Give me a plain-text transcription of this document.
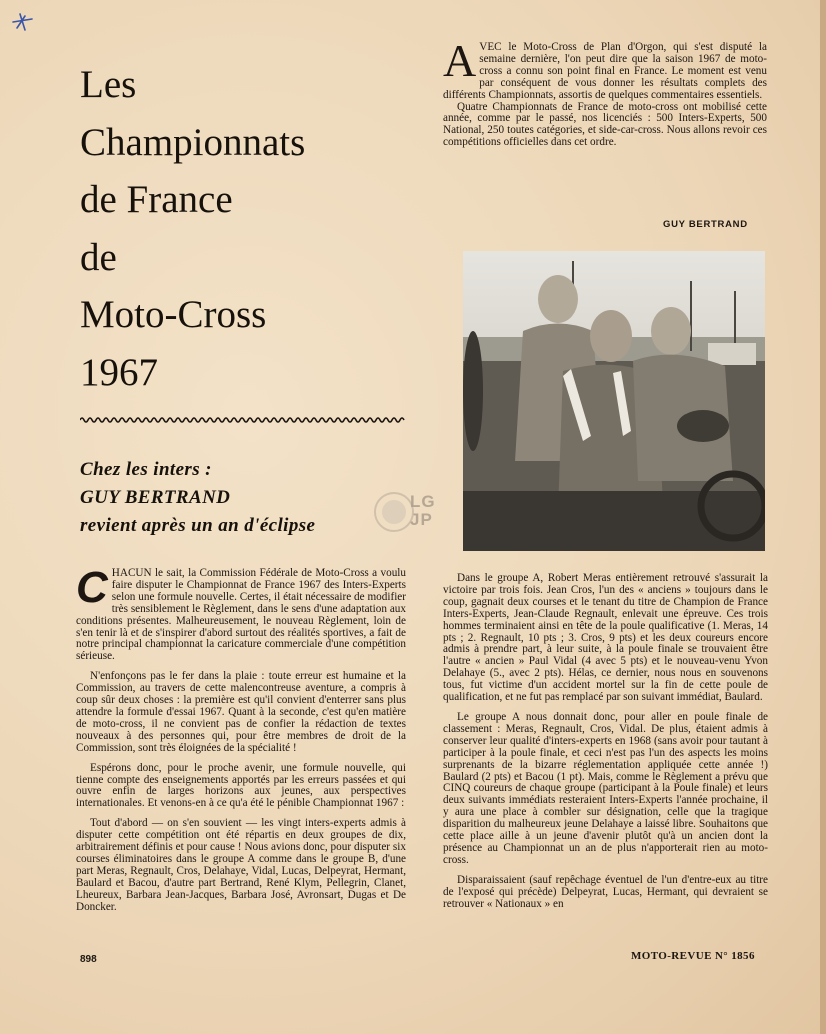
Les
Championnats
de France
de
Moto-Cross
1967
Chez les inters :
GUY BERTRAND
revient après un an d'éclipse
LG JP

AVEC le Moto-Cross de Plan d'Orgon, qui s'est disputé la semaine dernière, l'on peut dire que la saison 1967 de moto-cross a connu son point final en France. Le moment est venu par conséquent de vous donner les résultats complets des différents Championnats, assortis de quelques commentaires essentiels.

Quatre Championnats de France de moto-cross ont mobilisé cette année, comme par le passé, nos licenciés : 500 Inters-Experts, 500 National, 250 toutes catégories, et side-car-cross. Nous allons revoir ces compétitions officielles dans cet ordre.

GUY BERTRAND

CHACUN le sait, la Commission Fédérale de Moto-Cross a voulu faire disputer le Championnat de France 1967 des Inters-Experts selon une formule nouvelle. Certes, il était nécessaire de modifier très sensiblement le Règlement, dans le sens d'une adaptation aux conditions présentes. Malheureusement, le nouveau Règlement, loin de s'en tenir là et de s'inspirer d'abord surtout des réalités sportives, a fait de notre principal championnat la caricature commerciale d'une compétition sérieuse.

N'enfonçons pas le fer dans la plaie : toute erreur est humaine et la Commission, au travers de cette malencontreuse aventure, a compris à coup sûr deux choses : la première est qu'il convient d'enterrer sans plus attendre la formule d'essai 1967. Quant à la seconde, c'est qu'en matière de moto-cross, il ne convient pas de confier la rédaction de textes nouveaux à des personnes qui, pour être membres de droit de la Commission, sont très éloignées de la spécialité !

Espérons donc, pour le proche avenir, une formule nouvelle, qui tienne compte des enseignements apportés par les erreurs passées et qui ouvre enfin de larges horizons aux jeunes, aux perspectives internationales. Et venons-en à ce qu'a été le pénible Championnat 1967 :

Tout d'abord — on s'en souvient — les vingt inters-experts admis à disputer cette compétition ont été répartis en deux groupes de dix, arbitrairement définis et pour cause ! Nous avions donc, pour disputer six courses éliminatoires dans le groupe A comme dans le groupe B, d'une part Meras, Regnault, Cros, Delahaye, Vidal, Lucas, Delpeyrat, Hermant, Baulard et Bacou, d'autre part Bertrand, René Klym, Pellegrin, Clanet, Lheureux, Barbara Jean-Jacques, Barbara José, Avronsart, Dugas et De Doncker.

Dans le groupe A, Robert Meras entièrement retrouvé s'assurait la victoire par trois fois. Jean Cros, l'un des « anciens » toujours dans le coup, gagnait deux courses et le tenant du titre de Champion de France Inters-Experts, Jean-Claude Regnault, enlevait une épreuve. Ces trois hommes terminaient ainsi en tête de la poule qualificative (1. Meras, 14 pts ; 2. Regnault, 10 pts ; 3. Cros, 9 pts) et les deux coureurs encore admis à prendre part, à leur suite, à la poule finale se trouvaient être l'autre « ancien » Paul Vidal (4 avec 5 pts) et le nouveau-venu Yvon Delahaye (5., avec 2 pts). Hélas, ce dernier, nous nous en souvenons tous, fut victime d'un accident mortel sur la fin de cette poule de qualification, et ne fut pas remplacé par son suivant immédiat, Baulard.

Le groupe A nous donnait donc, pour aller en poule finale de classement : Meras, Regnault, Cros, Vidal. De plus, étaient admis à conserver leur qualité d'inters-experts en 1968 (sans avoir pour tautant à participer à la poule finale, et ceci n'est pas l'un des aspects les moins surprenants de la bizarre réglementation appliquée cette année !) Baulard (2 pts) et Bacou (1 pt). Mais, comme le Règlement a prévu que CINQ coureurs de chaque groupe (participant à la Poule finale) et leurs deux suivants immédiats resteraient Inters-Experts l'année prochaine, il y aura une place à combler sur désignation, celle que la tragique disparition du malheureux jeune Delahaye a laissé libre. Souhaitons que cette place aille à un jeune d'avenir plutôt qu'à un ancien dont la présence au Championnat un an de plus n'apporterait rien au moto-cross.

Disparaissaient (sauf repêchage éventuel de l'un d'entre-eux au titre de l'exposé qui précède) Delpeyrat, Lucas, Hermant, qui devraient se retrouver « Nationaux » en

898	MOTO-REVUE N° 1856
